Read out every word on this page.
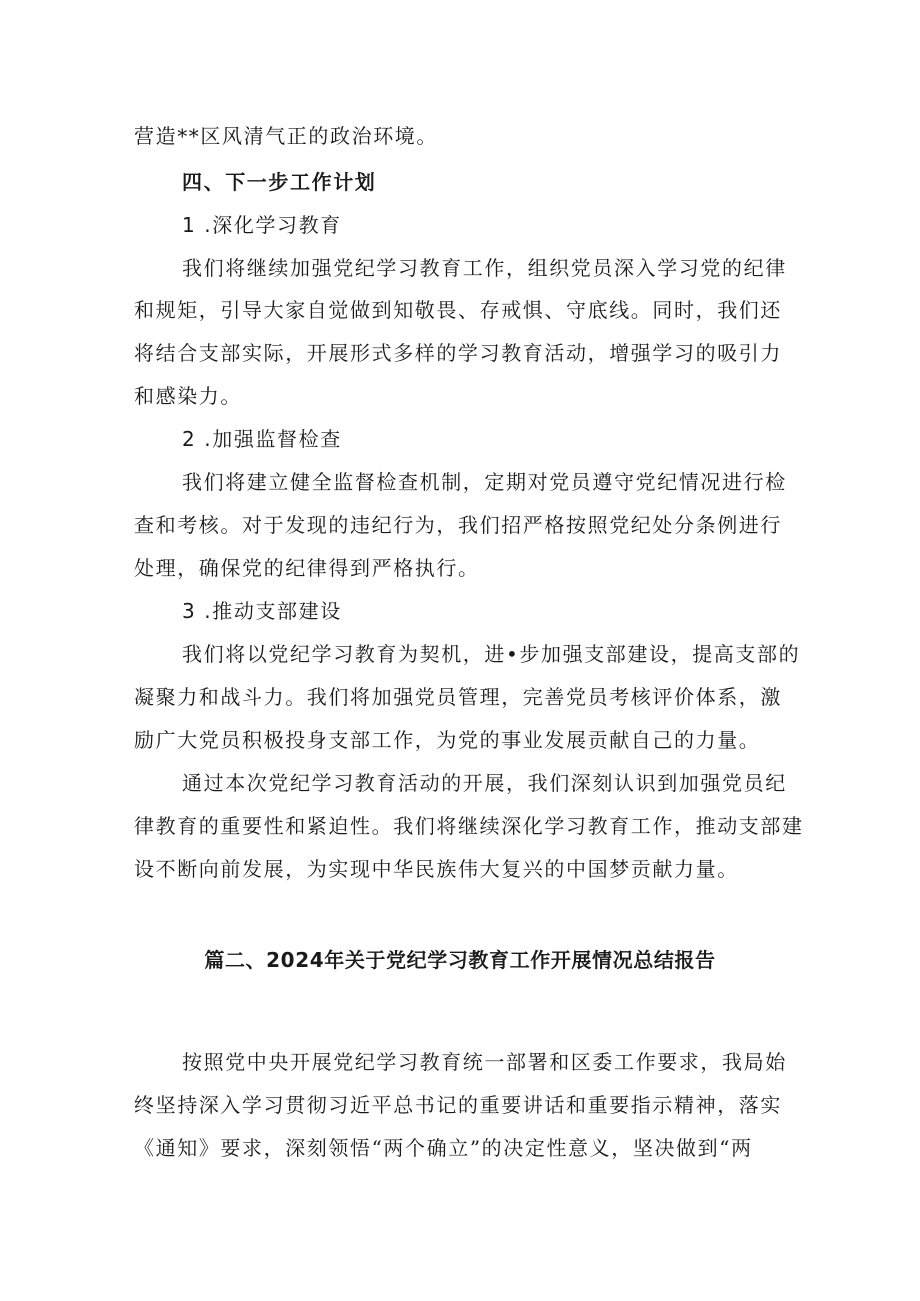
营造**区风清气正的政治环境。
四、下一步工作计划
1 .深化学习教育
我们将继续加强党纪学习教育工作，组织党员深入学习党的纪律
和规矩，引导大家自觉做到知敬畏、存戒惧、守底线。同时，我们还
将结合支部实际，开展形式多样的学习教育活动，增强学习的吸引力
和感染力。
2 .加强监督检查
我们将建立健全监督检查机制，定期对党员遵守党纪情况进行检
查和考核。对于发现的违纪行为，我们招严格按照党纪处分条例进行
处理，确保党的纪律得到严格执行。
3 .推动支部建设
我们将以党纪学习教育为契机，进•步加强支部建设，提高支部的
凝聚力和战斗力。我们将加强党员管理，完善党员考核评价体系，激
励广大党员积极投身支部工作，为党的事业发展贡献自己的力量。
通过本次党纪学习教育活动的开展，我们深刻认识到加强党员纪
律教育的重要性和紧迫性。我们将继续深化学习教育工作，推动支部建
设不断向前发展，为实现中华民族伟大复兴的中国梦贡献力量。
篇二、2024年关于党纪学习教育工作开展情况总结报告
按照党中央开展党纪学习教育统一部署和区委工作要求，我局始
终坚持深入学习贯彻习近平总书记的重要讲话和重要指示精神，落实
《通知》要求，深刻领悟“两个确立”的决定性意义，坚决做到“两
